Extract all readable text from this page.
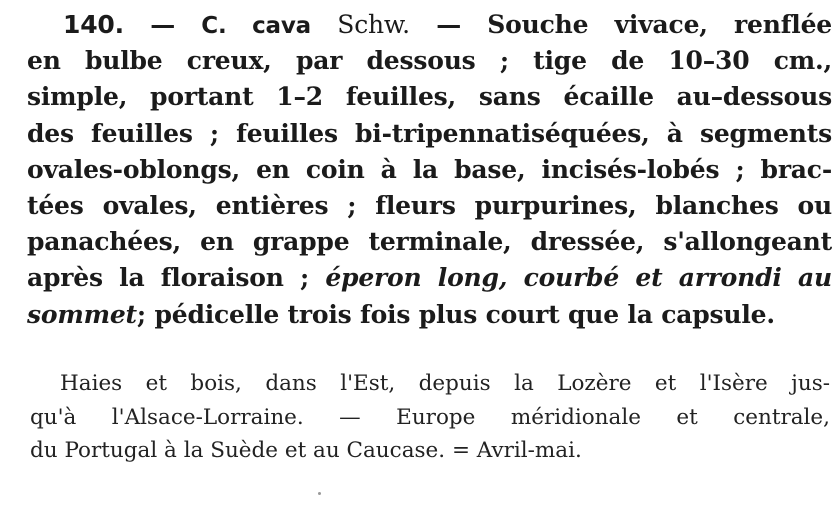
140. — C. cava Schw. — Souche vivace, renflée
en bulbe creux, par dessous ; tige de 10–30 cm.,
simple, portant 1–2 feuilles, sans écaille au–dessous
des feuilles ; feuilles bi-tripennatiséquées, à segments
ovales-oblongs, en coin à la base, incisés-lobés ; brac-
tées ovales, entières ; fleurs purpurines, blanches ou
panachées, en grappe terminale, dressée, s'allongeant
après la floraison ; éperon long, courbé et arrondi au
sommet; pédicelle trois fois plus court que la capsule.
Haies et bois, dans l'Est, depuis la Lozère et l'Isère jus-
qu'à l'Alsace-Lorraine. — Europe méridionale et centrale,
du Portugal à la Suède et au Caucase. = Avril-mai.
